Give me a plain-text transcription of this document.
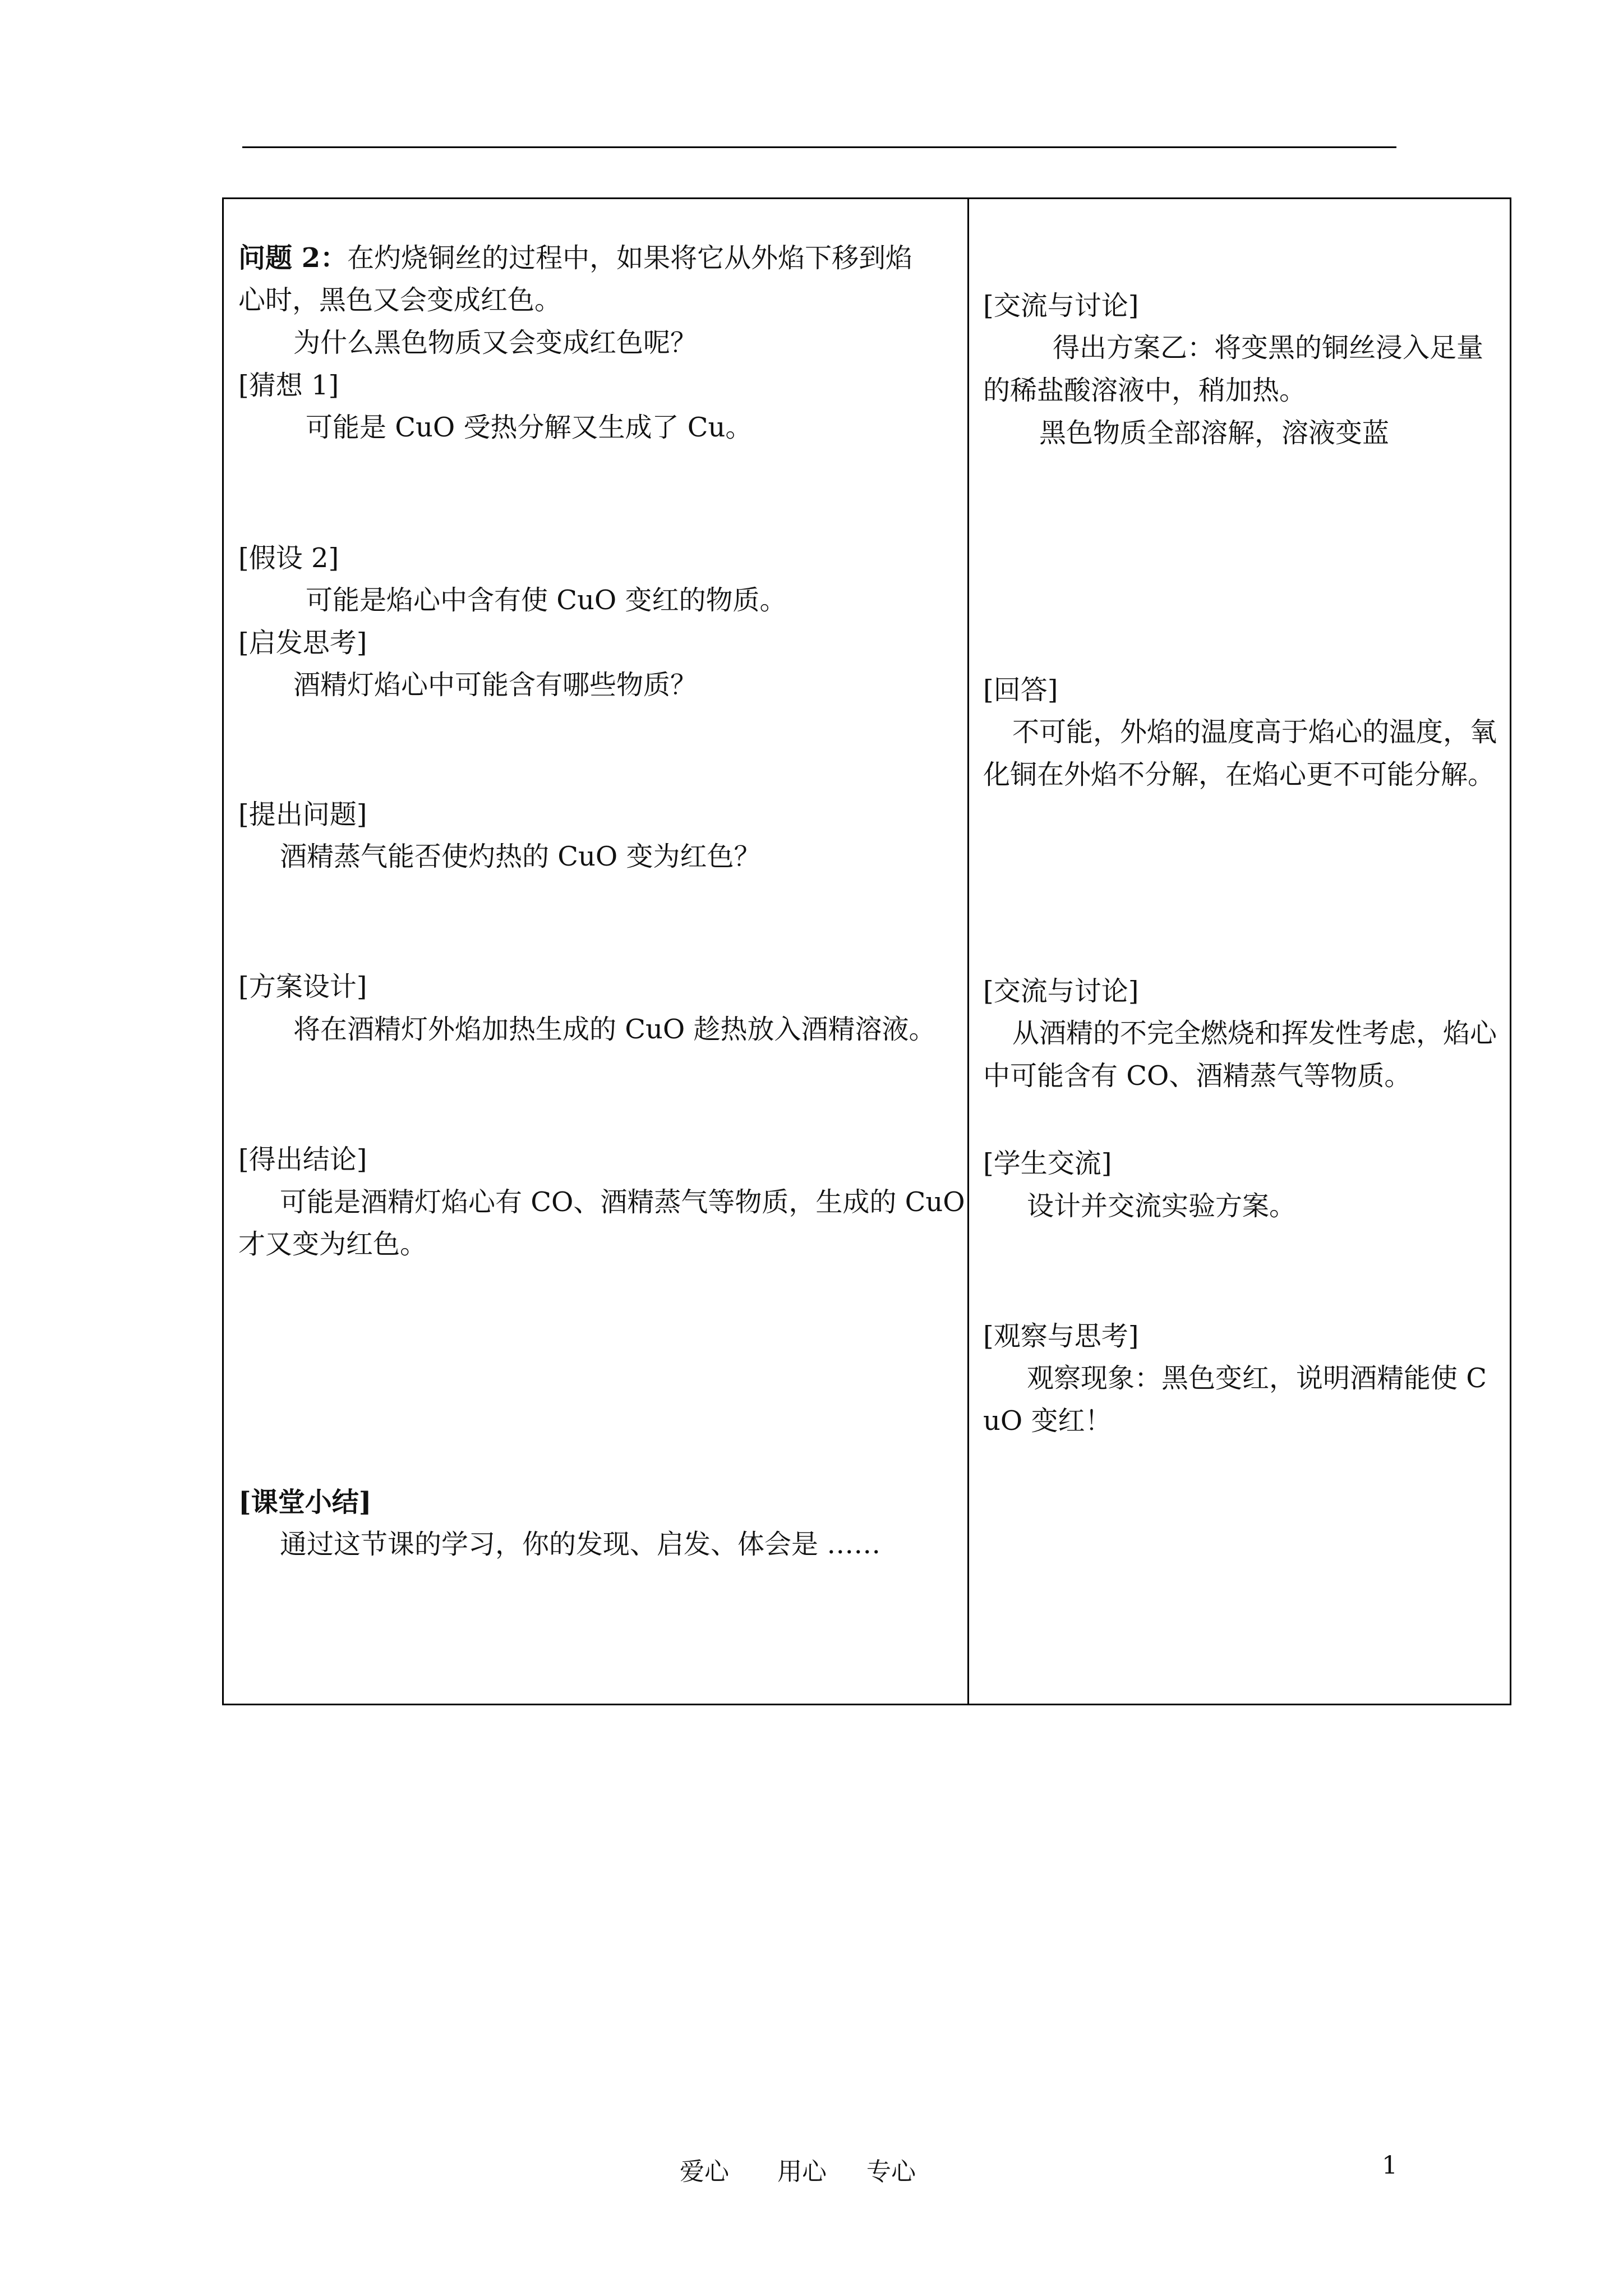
问题 2：在灼烧铜丝的过程中，如果将它从外焰下移到焰
心时，黑色又会变成红色。
为什么黑色物质又会变成红色呢？
[猜想 1]
可能是 CuO 受热分解又生成了 Cu。
[假设 2]
可能是焰心中含有使 CuO 变红的物质。
[启发思考]
酒精灯焰心中可能含有哪些物质？
[提出问题]
酒精蒸气能否使灼热的 CuO 变为红色？
[方案设计]
将在酒精灯外焰加热生成的 CuO 趁热放入酒精溶液。
[得出结论]
可能是酒精灯焰心有 CO、酒精蒸气等物质，生成的 CuO
才又变为红色。
[课堂小结]
通过这节课的学习，你的发现、启发、体会是 ……
[交流与讨论]
得出方案乙：将变黑的铜丝浸入足量的稀盐酸溶液中，稍加热。
黑色物质全部溶解，溶液变蓝
[回答]
不可能，外焰的温度高于焰心的温度，氧化铜在外焰不分解，在焰心更不可能分解。
[交流与讨论]
从酒精的不完全燃烧和挥发性考虑，焰心中可能含有 CO、酒精蒸气等物质。
[学生交流]
设计并交流实验方案。
[观察与思考]
观察现象：黑色变红，说明酒精能使 CuO 变红！
爱心 用心 专心	1
